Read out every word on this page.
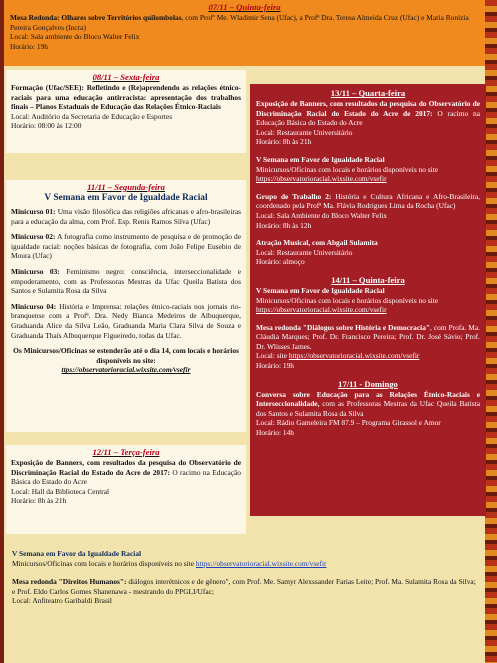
07/11 – Quinta-feira

Mesa Redonda: Olhares sobre Territórios quilombolas, com Profº Me. Wladimir Sena (Ufac), a Profª Dra. Teresa Almeida Cruz (Ufac) e Maria Ronízia Pereira Gonçalves (Incra)

Local: Sala ambiente do Bloco Walter Felix

Horário: 19h

08/11 – Sexta-feira

Formação (Ufac/SEE): Refletindo e (Re)aprendendo as relações étnico-raciais para uma educação antirracista: apresentação dos trabalhos finais – Planos Estaduais de Educação das Relações Étnico-Raciais

Local: Auditório da Secretaria de Educação e Esportes

Horário: 08:00 às 12:00

11/11 – Segunda-feira

V Semana em Favor de Igualdade Racial

Minicurso 01: Uma visão filosófica das religiões africanas e afro-brasileiras para a educação da alma, com Prof. Esp. Renis Ramos Silva (Ufac)

Minicurso 02: A fotografia como instrumento de pesquisa e de promoção de igualdade racial: noções básicas de fotografia, com João Felipe Eusebio de Moura (Ufac)

Minicurso 03: Feminismo negro: consciência, interseccionalidade e empoderamento, com as Professoras Mestras da Ufac Queila Batista dos Santos e Sulamita Rosa da Silva

Minicurso 04: História e Imprensa: relações étnico-raciais nos jornais rio-branquense com a Profª. Dra. Nedy Bianca Medeiros de Albuquerque, Graduanda Alice da Silva Leão, Graduanda Maria Clara Silva de Souza e Graduanda Thaís Albuquerque Figueiredo, todas da Ufac.

Os Minicursos/Oficinas se estenderão até o dia 14, com locais e horários disponíveis no site:

ttps://observatorioracial.wixsite.com/vsefir

12/11 – Terça-feira

Exposição de Banners, com resultados da pesquisa do Observatório de Discriminação Racial do Estado do Acre de 2017: O racimo na Educação Básica do Estado do Acre

Local: Hall da Biblioteca Central

Horário: 8h às 21h

13/11 – Quarta-feira

Exposição de Banners, com resultados da pesquisa do Observatório de Discriminação Racial do Estado do Acre de 2017: O racimo na Educação Básica do Estado do Acre

Local: Restaurante Universitário

Horário: 8h às 21h

V Semana em Favor de Igualdade Racial

Minicursos/Oficinas com locais e horários disponíveis no site

https://observatorioracial.wixsite.com/vsefir

Grupo de Trabalho 2: História e Cultura Africana e Afro-Brasileira, coordenado pela Profª Ma. Flávia Rodrigues Lima da Rocha (Ufac)

Local: Sala Ambiente do Bloco Walter Felix

Horário: 8h às 12h

Atração Musical, com Abgail Sulamita

Local: Restaurante Universitário

Horário: almoço

14/11 – Quinta-feira

V Semana em Favor de Igualdade Racial

Minicursos/Oficinas com locais e horários disponíveis no site

https://observatorioracial.wixsite.com/vsefir

Mesa redonda "Diálogos sobre História e Democracia", com Profa. Ma. Cláudia Marques; Prof. Dr. Francisco Pereira; Prof. Dr. José Sávio; Prof. Dr. Wlisses James.

Local: site https://observatorioracial.wixsite.com/vsefir

Horário: 19h

17/11 - Domingo

Conversa sobre Educação para as Relações Étnico-Raciais e Interseccionalidade, com as Professoras Mestras da Ufac Queila Batista dos Santos e Sulamita Rosa da Silva

Local: Rádio Gameleira FM 87.9 – Programa Girassol e Amor

Horário: 14h

V Semana em Favor da Igualdade Racial

Minicursos/Oficinas com locais e horários disponíveis no site https://observatorioracial.wixsite.com/vsefir

Mesa redonda "Direitos Humanos": diálogos interétnicos e de gênero", com Prof. Me. Samyr Alexssander Farias Leite; Prof. Ma. Sulamita Rosa da Silva; e Prof. Eldo Carlos Gomes Shanenawa - mestrando do PPGLI/Ufac;

Local: Anfiteatro Garibaldi Brasil
